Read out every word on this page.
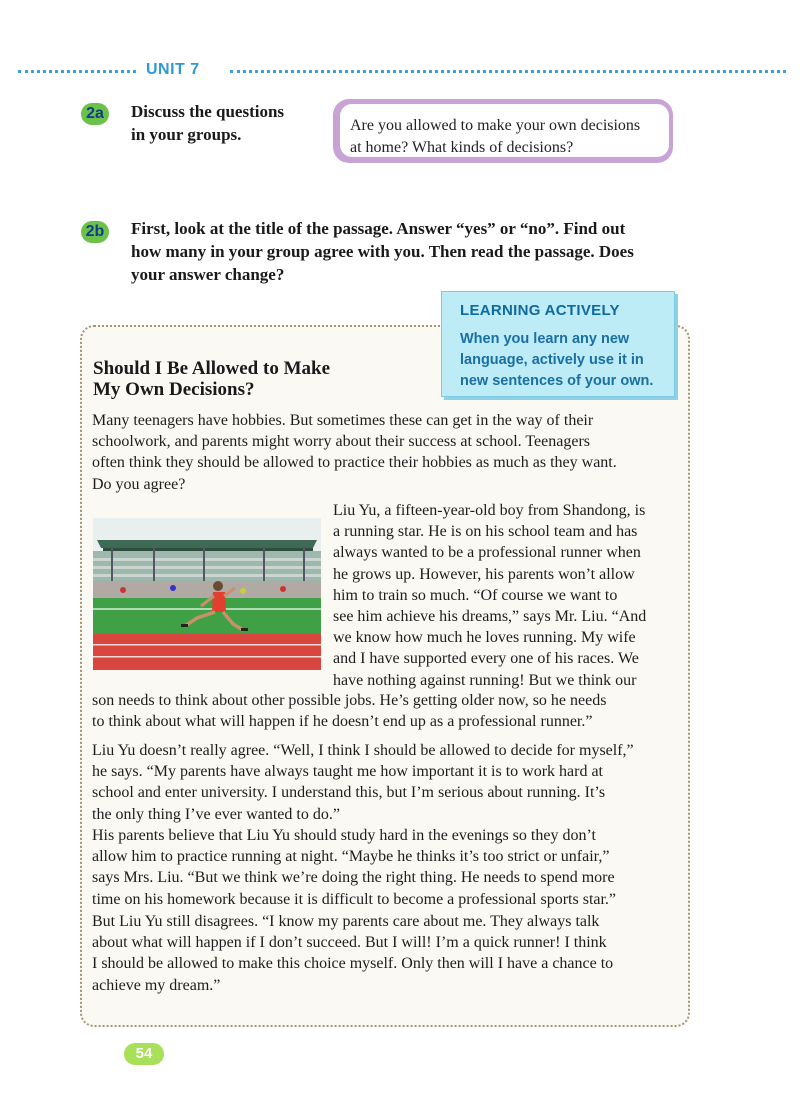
UNIT 7
2a	Discuss the questions
in your groups.	Are you allowed to make your own decisions
at home? What kinds of decisions?
2b First, look at the title of the passage. Answer “yes” or “no”. Find out
how many in your group agree with you. Then read the passage. Does
your answer change?
LEARNING ACTIVELY
When you learn any new
language, actively use it in
new sentences of your own.
Should I Be Allowed to Make
My Own Decisions?

Many teenagers have hobbies. But sometimes these can get in the way of their

schoolwork, and parents might worry about their success at school. Teenagers

often think they should be allowed to practice their hobbies as much as they want.

Do you agree?

Liu Yu, a fifteen-year-old boy from Shandong, is

a running star. He is on his school team and has

always wanted to be a professional runner when

he grows up. However, his parents won’t allow

him to train so much. “Of course we want to

see him achieve his dreams,” says Mr. Liu. “And

we know how much he loves running. My wife

and I have supported every one of his races. We

have nothing against running! But we think our

son needs to think about other possible jobs. He’s getting older now, so he needs

to think about what will happen if he doesn’t end up as a professional runner.”

Liu Yu doesn’t really agree. “Well, I think I should be allowed to decide for myself,”

he says. “My parents have always taught me how important it is to work hard at

school and enter university. I understand this, but I’m serious about running. It’s

the only thing I’ve ever wanted to do.”

His parents believe that Liu Yu should study hard in the evenings so they don’t

allow him to practice running at night. “Maybe he thinks it’s too strict or unfair,”

says Mrs. Liu. “But we think we’re doing the right thing. He needs to spend more

time on his homework because it is difficult to become a professional sports star.”

But Liu Yu still disagrees. “I know my parents care about me. They always talk

about what will happen if I don’t succeed. But I will! I’m a quick runner! I think

I should be allowed to make this choice myself. Only then will I have a chance to

achieve my dream.”

54
